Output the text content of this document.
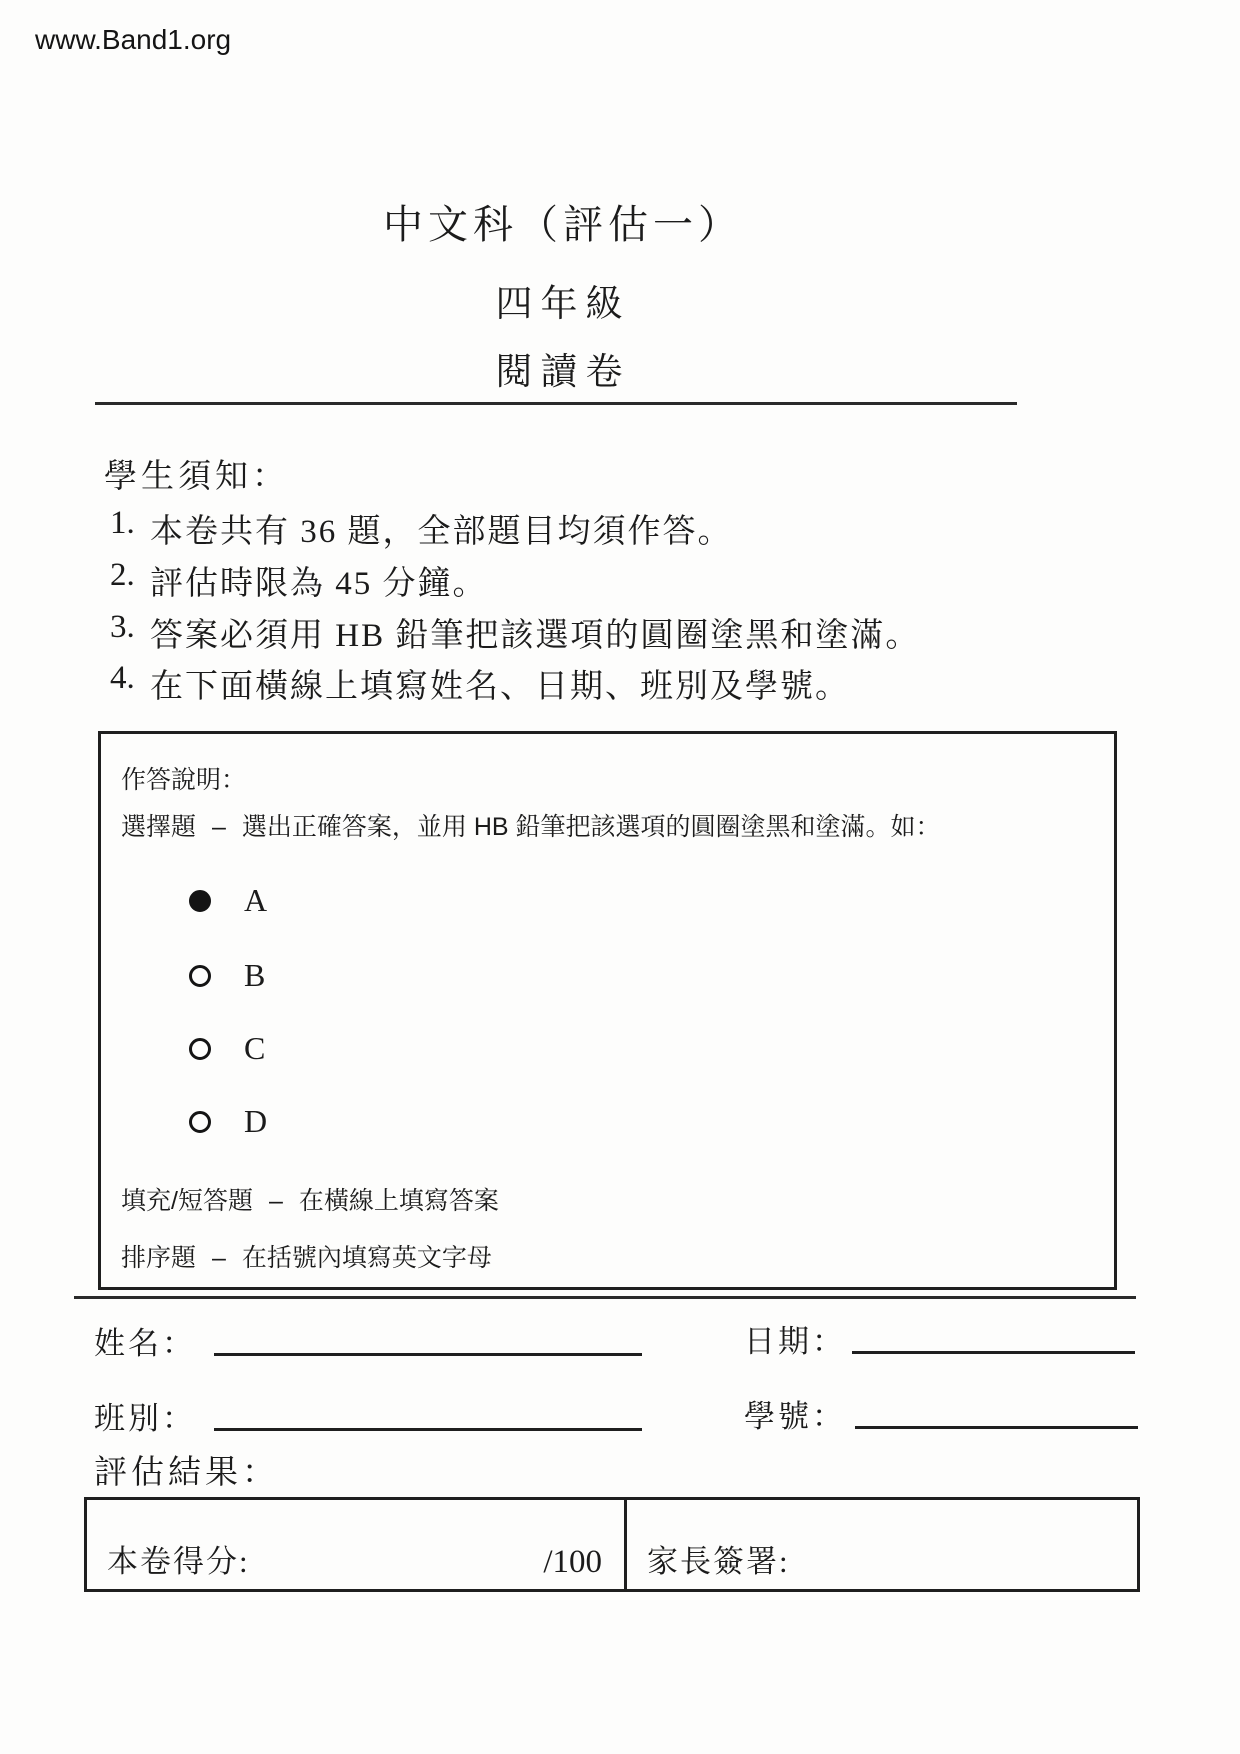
www.Band1.org
中文科（評估一）
四年級
閱讀卷
學生須知：
1. 本卷共有 36 題，全部題目均須作答。
2. 評估時限為 45 分鐘。
3. 答案必須用 HB 鉛筆把該選項的圓圈塗黑和塗滿。
4. 在下面橫線上填寫姓名、日期、班別及學號。
作答說明：
選擇題 – 選出正確答案，並用 HB 鉛筆把該選項的圓圈塗黑和塗滿。如：
A
B
C
D
填充/短答題 – 在橫線上填寫答案
排序題 – 在括號內填寫英文字母
姓名：	日期：
班別：	學號：
評估結果：
本卷得分:	/100 家長簽署:
